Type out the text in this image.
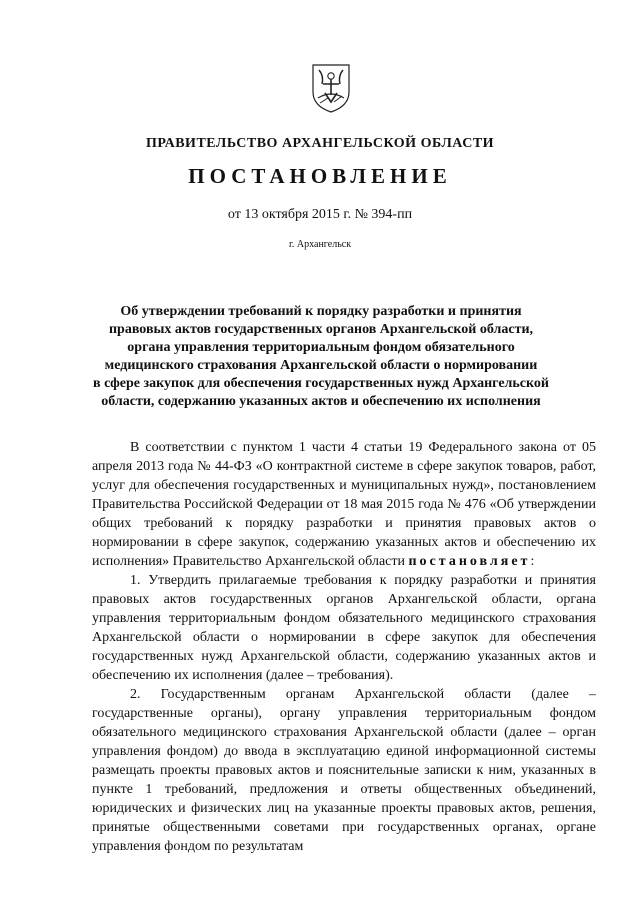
ПРАВИТЕЛЬСТВО АРХАНГЕЛЬСКОЙ ОБЛАСТИ
ПОСТАНОВЛЕНИЕ
от 13 октября 2015 г. № 394-пп
г. Архангельск
Об утверждении требований к порядку разработки и принятия
правовых актов государственных органов Архангельской области,
органа управления территориальным фондом обязательного
медицинского страхования Архангельской области о нормировании
в сфере закупок для обеспечения государственных нужд Архангельской
области, содержанию указанных актов и обеспечению их исполнения

В соответствии с пунктом 1 части 4 статьи 19 Федерального закона от 05 апреля 2013 года № 44-ФЗ «О контрактной системе в сфере закупок товаров, работ, услуг для обеспечения государственных и муниципальных нужд», постановлением Правительства Российской Федерации от 18 мая 2015 года № 476 «Об утверждении общих требований к порядку разработки и принятия правовых актов о нормировании в сфере закупок, содержанию указанных актов и обеспечению их исполнения» Правительство Архангельской области постановляет:

1. Утвердить прилагаемые требования к порядку разработки и принятия правовых актов государственных органов Архангельской области, органа управления территориальным фондом обязательного медицинского страхования Архангельской области о нормировании в сфере закупок для обеспечения государственных нужд Архангельской области, содержанию указанных актов и обеспечению их исполнения (далее – требования).

2. Государственным органам Архангельской области (далее – государственные органы), органу управления территориальным фондом обязательного медицинского страхования Архангельской области (далее – орган управления фондом) до ввода в эксплуатацию единой информационной системы размещать проекты правовых актов и пояснительные записки к ним, указанных в пункте 1 требований, предложения и ответы общественных объединений, юридических и физических лиц на указанные проекты правовых актов, решения, принятые общественными советами при государственных органах, органе управления фондом по результатам
